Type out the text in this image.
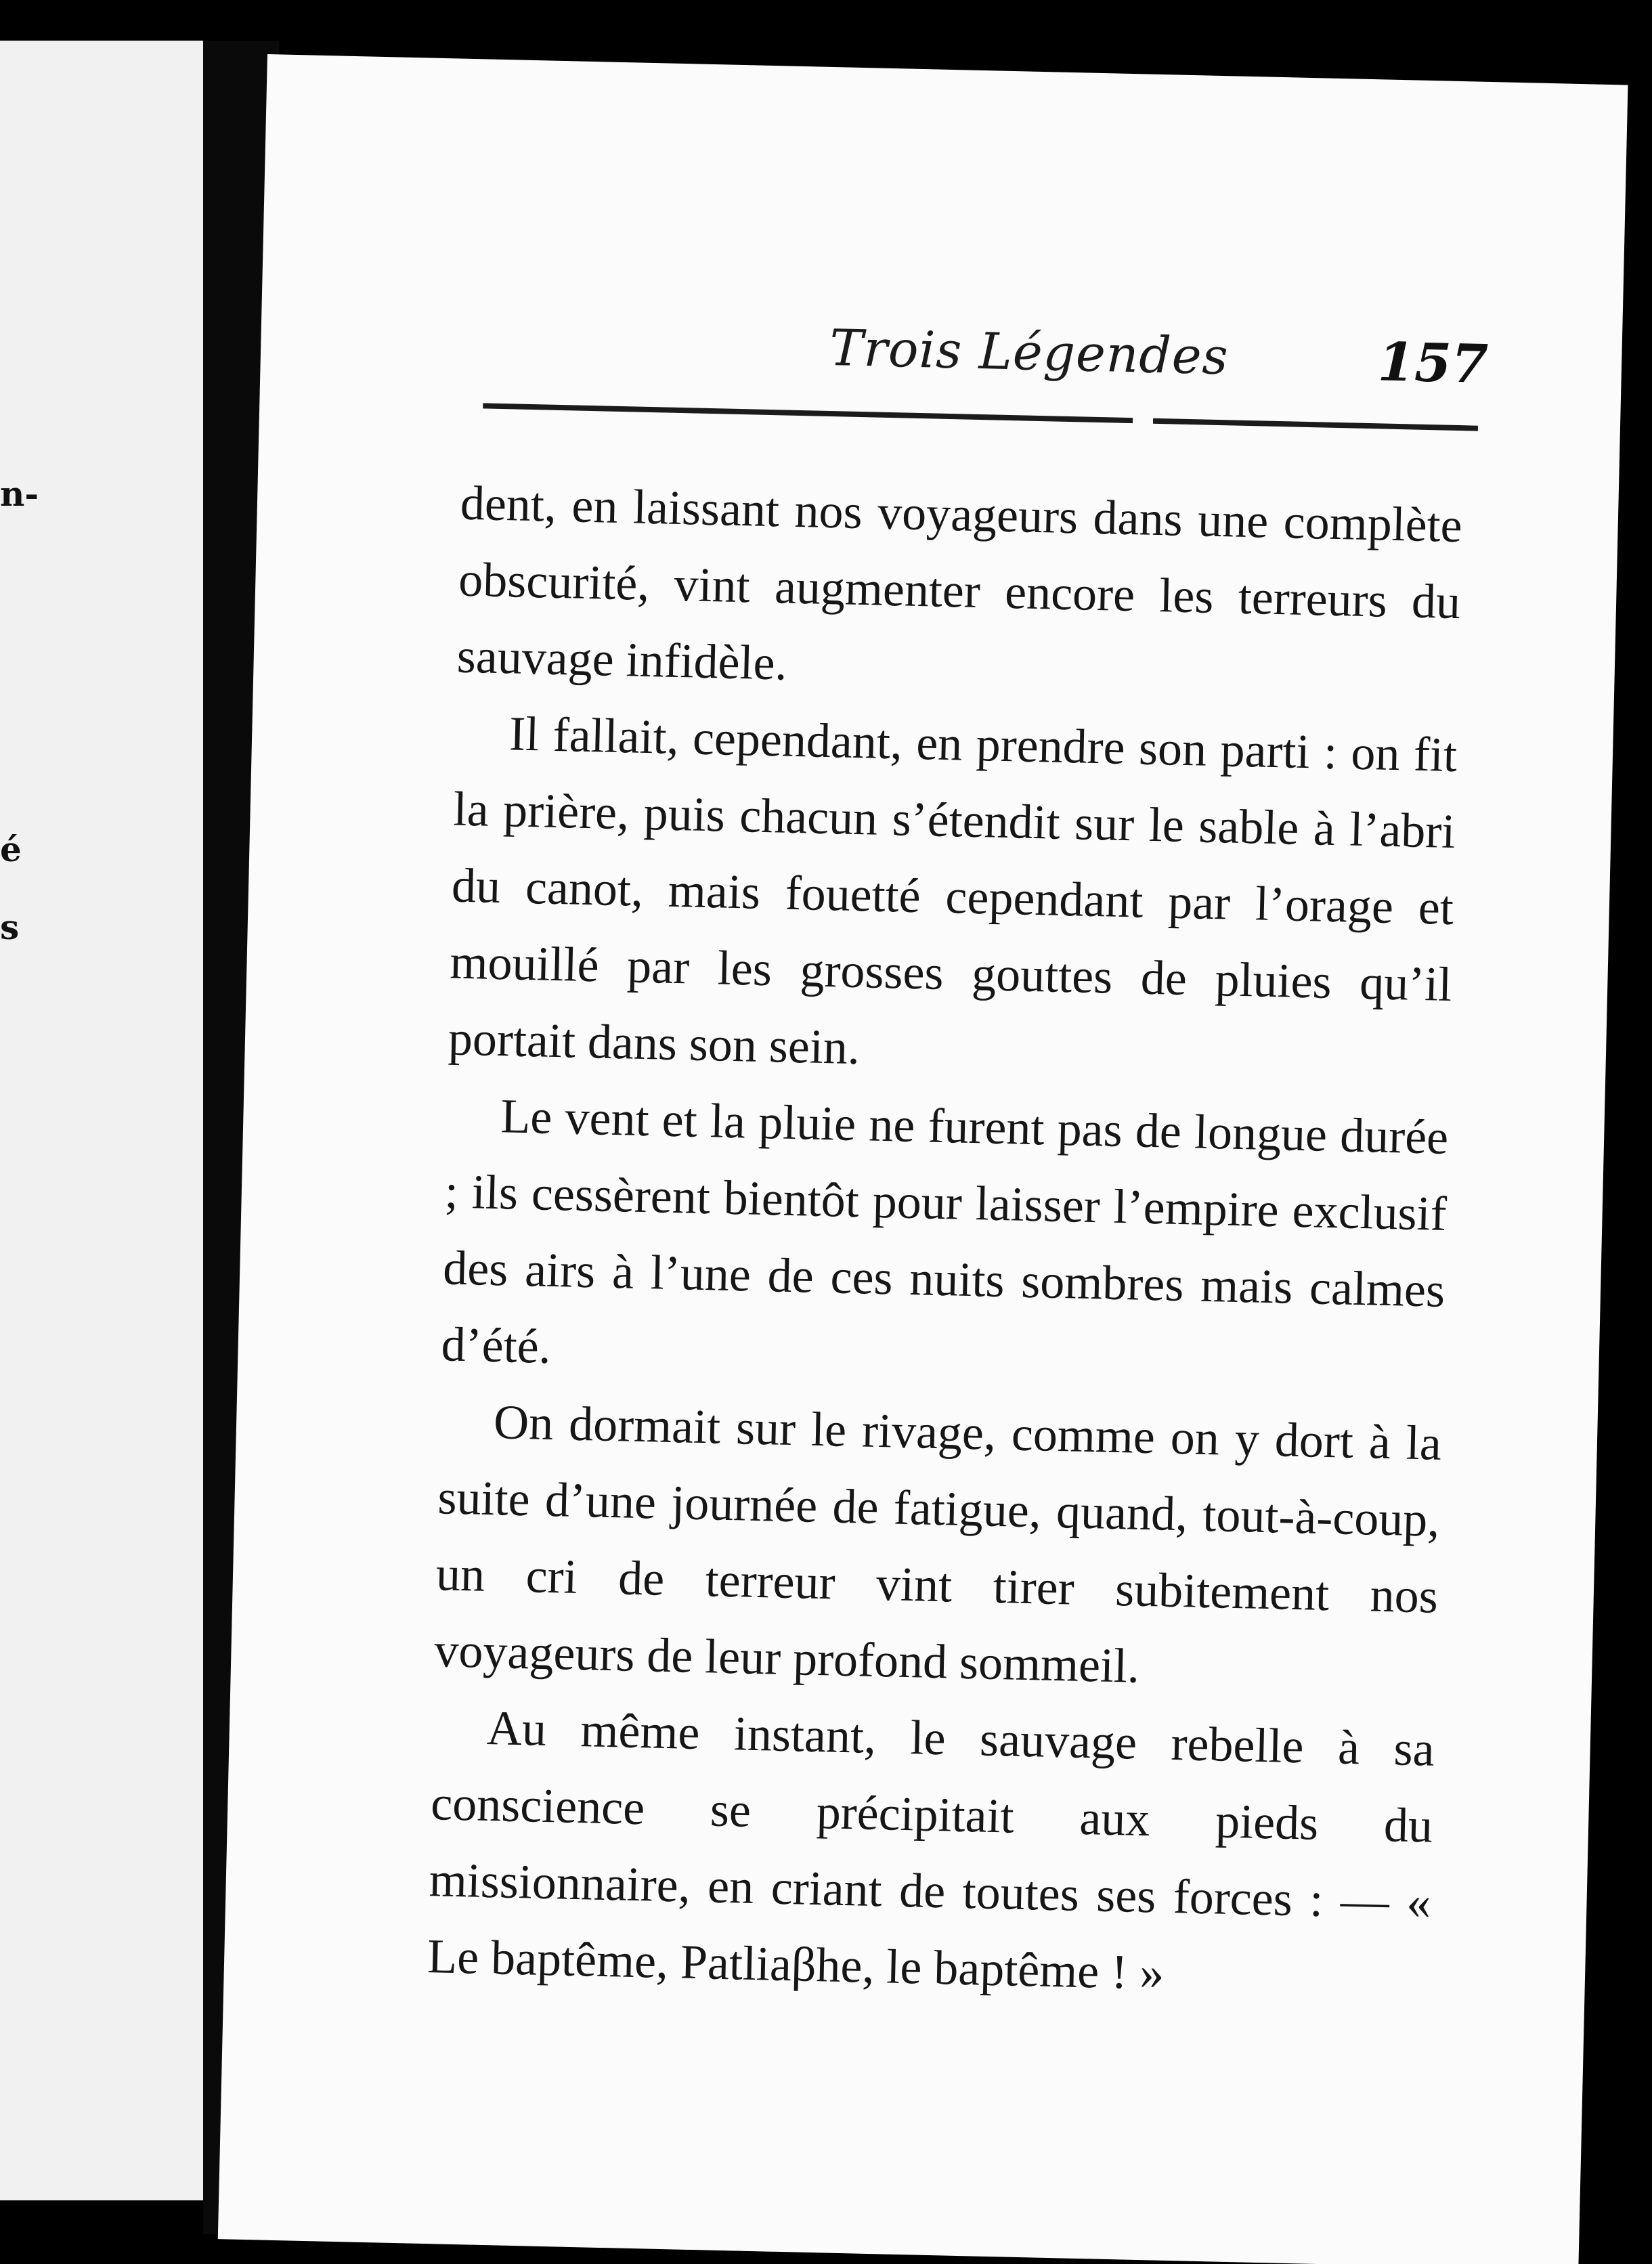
n-
é
s
Trois Légendes	157

dent, en laissant nos voyageurs dans une complète obscurité, vint augmenter encore les terreurs du sauvage infidèle.

Il fallait, cependant, en prendre son parti : on fit la prière, puis chacun s’étendit sur le sable à l’abri du canot, mais fouetté cependant par l’orage et mouillé par les grosses gouttes de pluies qu’il portait dans son sein.

Le vent et la pluie ne furent pas de longue durée ; ils cessèrent bientôt pour laisser l’empire exclusif des airs à l’une de ces nuits sombres mais calmes d’été.

On dormait sur le rivage, comme on y dort à la suite d’une journée de fatigue, quand, tout-à-coup, un cri de terreur vint tirer subitement nos voyageurs de leur profond sommeil.

Au même instant, le sauvage rebelle à sa conscience se précipitait aux pieds du missionnaire, en criant de toutes ses forces : — « Le baptême, Patliaβhe, le baptême ! »
